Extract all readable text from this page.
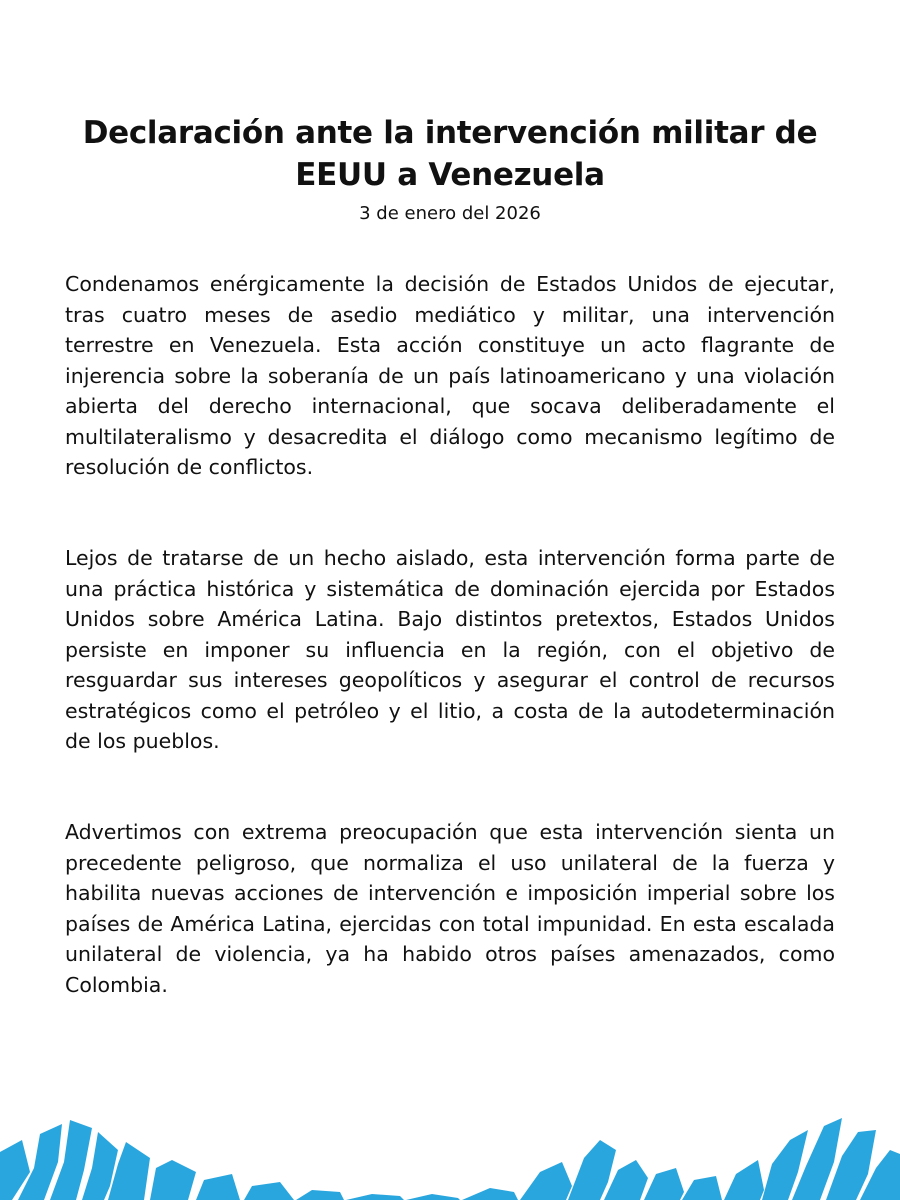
Declaración ante la intervención militar de EEUU a Venezuela
3 de enero del 2026

Condenamos enérgicamente la decisión de Estados Unidos de ejecutar, tras cuatro meses de asedio mediático y militar, una intervención terrestre en Venezuela. Esta acción constituye un acto flagrante de injerencia sobre la soberanía de un país latinoamericano y una violación abierta del derecho internacional, que socava deliberadamente el multilateralismo y desacredita el diálogo como mecanismo legítimo de resolución de conflictos.

Lejos de tratarse de un hecho aislado, esta intervención forma parte de una práctica histórica y sistemática de dominación ejercida por Estados Unidos sobre América Latina. Bajo distintos pretextos, Estados Unidos persiste en imponer su influencia en la región, con el objetivo de resguardar sus intereses geopolíticos y asegurar el control de recursos estratégicos como el petróleo y el litio, a costa de la autodeterminación de los pueblos.

Advertimos con extrema preocupación que esta intervención sienta un precedente peligroso, que normaliza el uso unilateral de la fuerza y habilita nuevas acciones de intervención e imposición imperial sobre los países de América Latina, ejercidas con total impunidad. En esta escalada unilateral de violencia, ya ha habido otros países amenazados, como Colombia.
